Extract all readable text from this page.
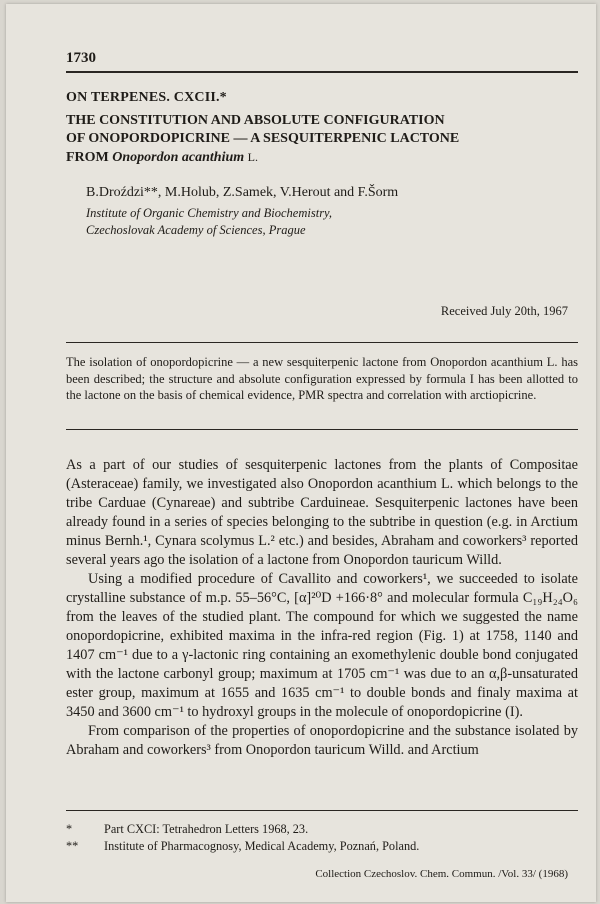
1730
ON TERPENES. CXCII.*
THE CONSTITUTION AND ABSOLUTE CONFIGURATION
OF ONOPORDOPICRINE — A SESQUITERPENIC LACTONE
FROM Onopordon acanthium L.
B.Droździ**, M.Holub, Z.Samek, V.Herout and F.Šorm
Institute of Organic Chemistry and Biochemistry,
Czechoslovak Academy of Sciences, Prague
Received July 20th, 1967
The isolation of onopordopicrine — a new sesquiterpenic lactone from Onopordon acanthium L. has been described; the structure and absolute configuration expressed by formula I has been allotted to the lactone on the basis of chemical evidence, PMR spectra and correlation with arctiopicrine.

As a part of our studies of sesquiterpenic lactones from the plants of Compositae (Asteraceae) family, we investigated also Onopordon acanthium L. which belongs to the tribe Carduae (Cynareae) and subtribe Carduineae. Sesquiterpenic lactones have been already found in a series of species belonging to the subtribe in question (e.g. in Arctium minus Bernh.¹, Cynara scolymus L.² etc.) and besides, Abraham and coworkers³ reported several years ago the isolation of a lactone from Onopordon tauricum Willd.

Using a modified procedure of Cavallito and coworkers¹, we succeeded to isolate crystalline substance of m.p. 55–56°C, [α]²⁰D +166·8° and molecular formula C₁₉H₂₄O₆ from the leaves of the studied plant. The compound for which we suggested the name onopordopicrine, exhibited maxima in the infra-red region (Fig. 1) at 1758, 1140 and 1407 cm⁻¹ due to a γ-lactonic ring containing an exomethylenic double bond conjugated with the lactone carbonyl group; maximum at 1705 cm⁻¹ was due to an α,β-unsaturated ester group, maximum at 1655 and 1635 cm⁻¹ to double bonds and finaly maxima at 3450 and 3600 cm⁻¹ to hydroxyl groups in the molecule of onopordopicrine (I).

From comparison of the properties of onopordopicrine and the substance isolated by Abraham and coworkers³ from Onopordon tauricum Willd. and Arctium

*	Part CXCI: Tetrahedron Letters 1968, 23.
**	Institute of Pharmacognosy, Medical Academy, Poznań, Poland.
Collection Czechoslov. Chem. Commun. /Vol. 33/ (1968)
